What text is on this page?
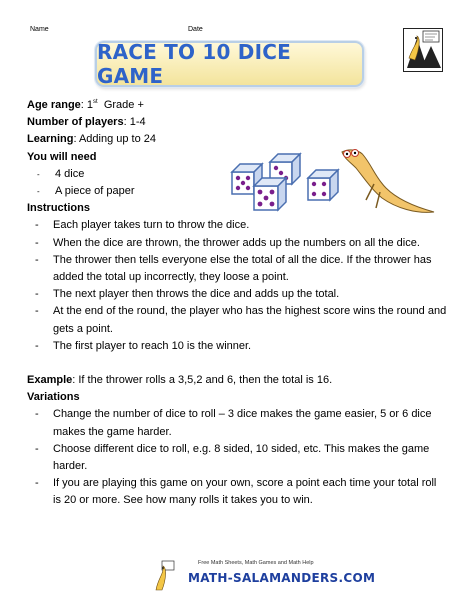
Name	Date
RACE TO 10 DICE GAME
Age range: 1st  Grade +
Number of players: 1-4
Learning: Adding up to 24
You will need
- 4 dice
- A piece of paper
Instructions
- Each player takes turn to throw the dice.
- When the dice are thrown, the thrower adds up the numbers on all the dice.
- The thrower then tells everyone else the total of all the dice. If the thrower has added the total up incorrectly, they loose a point.
- The next player then throws the dice and adds up the total.
- At the end of the round, the player who has the highest score wins the round and gets a point.
- The first player to reach 10 is the winner.
Example: If the thrower rolls a 3,5,2 and 6, then the total is 16.
Variations
- Change the number of dice to roll – 3 dice makes the game easier, 5 or 6 dice makes the game harder.
- Choose different dice to roll, e.g. 8 sided, 10 sided, etc. This makes the game harder.
- If you are playing this game on your own, score a point each time your total roll is 20 or more. See how many rolls it takes you to win.
Free Math Sheets, Math Games and Math Help
MATH-SALAMANDERS.COM
